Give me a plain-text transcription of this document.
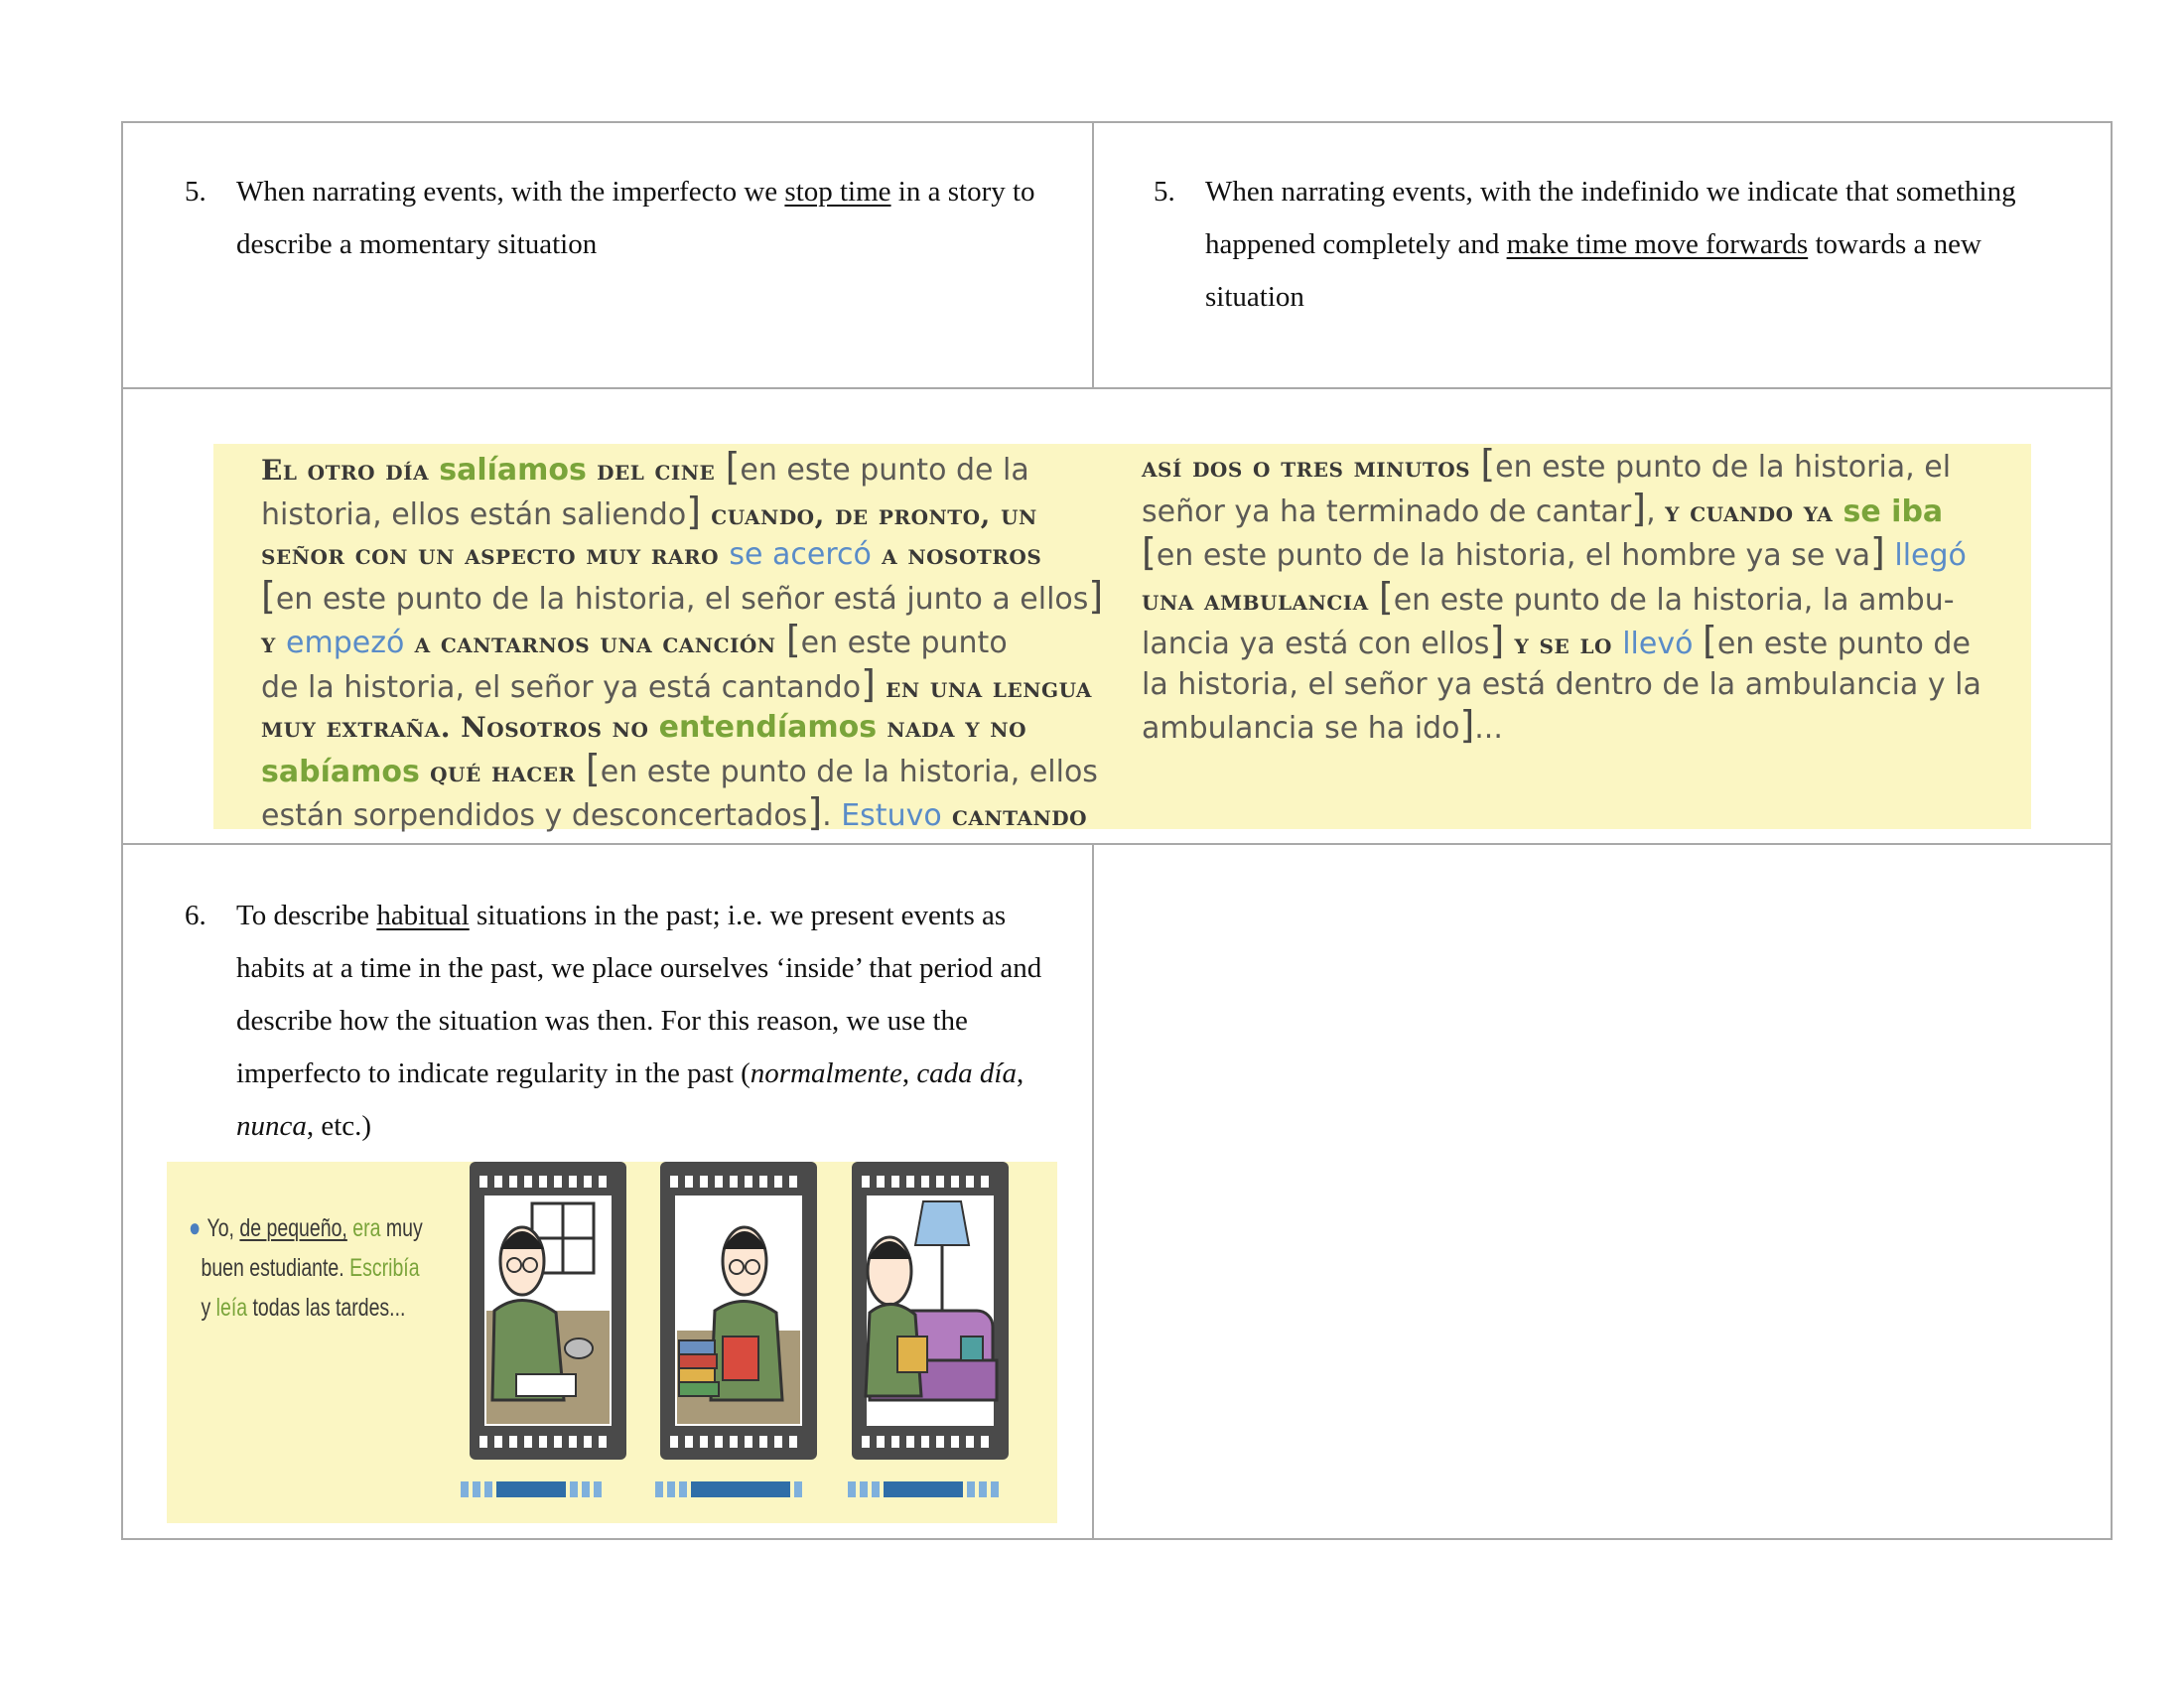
5. When narrating events, with the imperfecto we stop time in a story to describe a momentary situation

5. When narrating events, with the indefinido we indicate that something happened completely and make time move forwards towards a new situation

El otro día salíamos del cine [en este punto de la
historia, ellos están saliendo] cuando, de pronto, un
señor con un aspecto muy raro se acercó a nosotros
[en este punto de la historia, el señor está junto a ellos]
y empezó a cantarnos una canción [en este punto
de la historia, el señor ya está cantando] en una lengua
muy extraña. Nosotros no entendíamos nada y no
sabíamos qué hacer [en este punto de la historia, ellos
están sorpendidos y desconcertados]. Estuvo cantando
así dos o tres minutos [en este punto de la historia, el
señor ya ha terminado de cantar], y cuando ya se iba
[en este punto de la historia, el hombre ya se va] llegó
una ambulancia [en este punto de la historia, la ambu-
lancia ya está con ellos] y se lo llevó [en este punto de
la historia, el señor ya está dentro de la ambulancia y la
ambulancia se ha ido]...
6. To describe habitual situations in the past; i.e. we present events as habits at a time in the past, we place ourselves ‘inside’ that period and describe how the situation was then. For this reason, we use the imperfecto to indicate regularity in the past (normalmente, cada día, nunca, etc.)

● Yo, de pequeño, era muy
buen estudiante. Escribía
y leía todas las tardes...
